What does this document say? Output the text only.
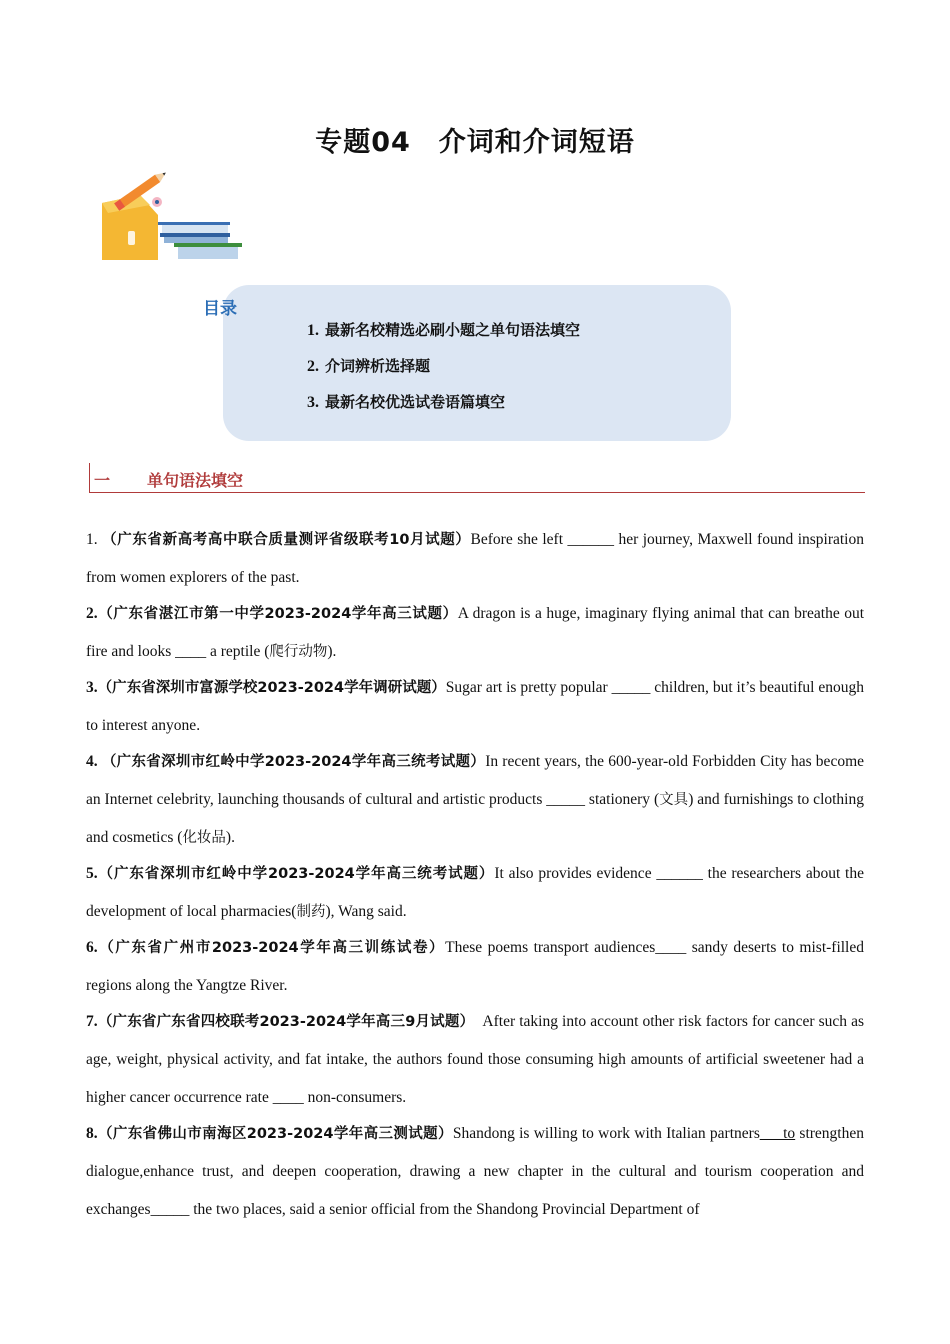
专题04　介词和介词短语
目录
1. 最新名校精选必刷小题之单句语法填空
2. 介词辨析选择题
3. 最新名校优选试卷语篇填空
一 单句语法填空

1. （广东省新高考高中联合质量测评省级联考10月试题）Before she left ______ her journey, Maxwell found inspiration from women explorers of the past.

2.（广东省湛江市第一中学2023-2024学年高三试题）A dragon is a huge, imaginary flying animal that can breathe out fire and looks ____ a reptile (爬行动物).

3.（广东省深圳市富源学校2023-2024学年调研试题）Sugar art is pretty popular _____ children, but it’s beautiful enough to interest anyone.

4. （广东省深圳市红岭中学2023-2024学年高三统考试题）In recent years, the 600-year-old Forbidden City has become an Internet celebrity, launching thousands of cultural and artistic products _____ stationery (文具) and furnishings to clothing and cosmetics (化妆品).

5.（广东省深圳市红岭中学2023-2024学年高三统考试题）It also provides evidence ______ the researchers about the development of local pharmacies(制药), Wang said.

6.（广东省广州市2023-2024学年高三训练试卷）These poems transport audiences____ sandy deserts to mist-filled regions along the Yangtze River.

7.（广东省广东省四校联考2023-2024学年高三9月试题）  After taking into account other risk factors for cancer such as age, weight, physical activity, and fat intake, the authors found those consuming high amounts of artificial sweetener had a higher cancer occurrence rate ____ non-consumers.

8.（广东省佛山市南海区2023-2024学年高三测试题）Shandong is willing to work with Italian partners___to strengthen dialogue,enhance trust, and deepen cooperation, drawing a new chapter in the cultural and tourism cooperation and exchanges_____ the two places, said a senior official from the Shandong Provincial Department of
